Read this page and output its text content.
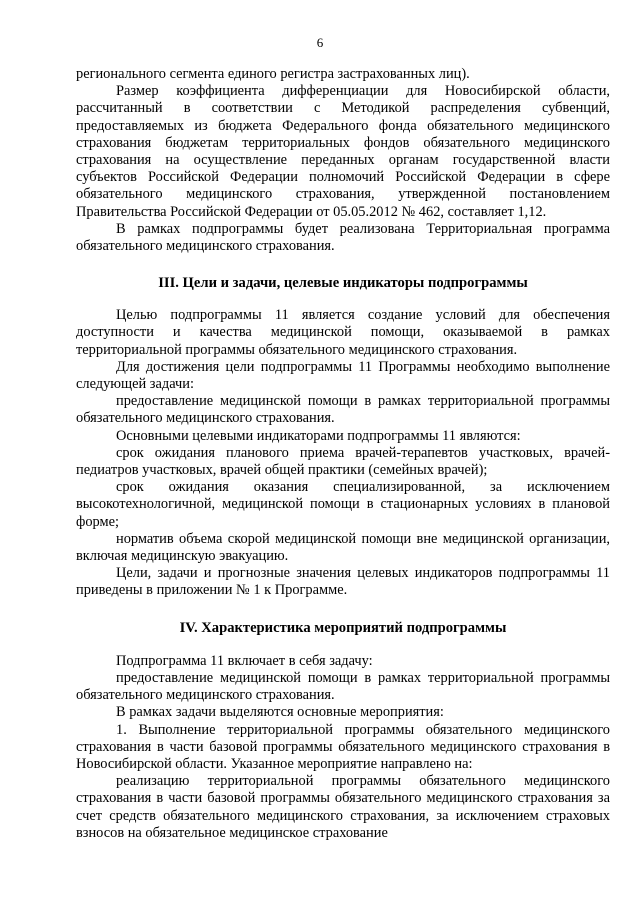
6

регионального сегмента единого регистра застрахованных лиц).

Размер коэффициента дифференциации для Новосибирской области, рассчитанный в соответствии с Методикой распределения субвенций, предоставляемых из бюджета Федерального фонда обязательного медицинского страхования бюджетам территориальных фондов обязательного медицинского страхования на осуществление переданных органам государственной власти субъектов Российской Федерации полномочий Российской Федерации в сфере обязательного медицинского страхования, утвержденной постановлением Правительства Российской Федерации от 05.05.2012 № 462, составляет 1,12.

В рамках подпрограммы будет реализована Территориальная программа обязательного медицинского страхования.

III. Цели и задачи, целевые индикаторы подпрограммы

Целью подпрограммы 11 является создание условий для обеспечения доступности и качества медицинской помощи, оказываемой в рамках территориальной программы обязательного медицинского страхования.

Для достижения цели подпрограммы 11 Программы необходимо выполнение следующей задачи:

предоставление медицинской помощи в рамках территориальной программы обязательного медицинского страхования.

Основными целевыми индикаторами подпрограммы 11 являются:

срок ожидания планового приема врачей-терапевтов участковых, врачей-педиатров участковых, врачей общей практики (семейных врачей);

срок ожидания оказания специализированной, за исключением высокотехнологичной, медицинской помощи в стационарных условиях в плановой форме;

норматив объема скорой медицинской помощи вне медицинской организации, включая медицинскую эвакуацию.

Цели, задачи и прогнозные значения целевых индикаторов подпрограммы 11 приведены в приложении № 1 к Программе.

IV. Характеристика мероприятий подпрограммы

Подпрограмма 11 включает в себя задачу:

предоставление медицинской помощи в рамках территориальной программы обязательного медицинского страхования.

В рамках задачи выделяются основные мероприятия:

1. Выполнение территориальной программы обязательного медицинского страхования в части базовой программы обязательного медицинского страхования в Новосибирской области. Указанное мероприятие направлено на:

реализацию территориальной программы обязательного медицинского страхования в части базовой программы обязательного медицинского страхования за счет средств обязательного медицинского страхования, за исключением страховых взносов на обязательное медицинское страхование
